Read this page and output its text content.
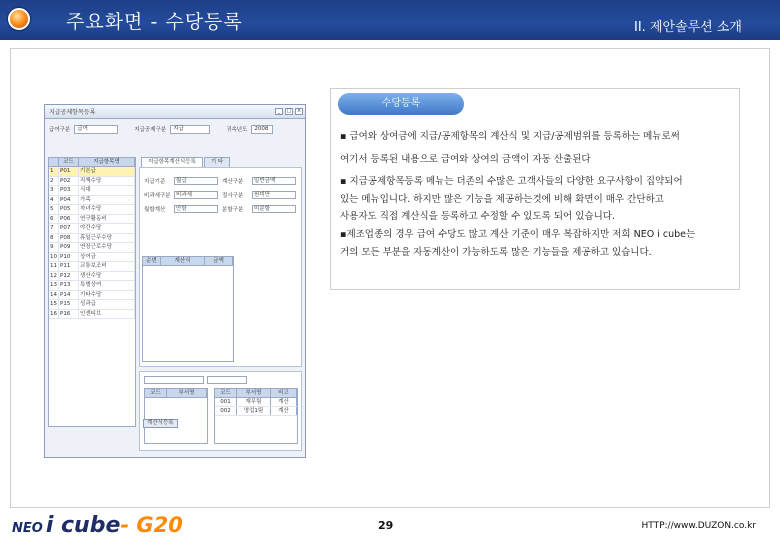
주요화면 - 수당등록	II. 제안솔루션 소개
지급공제항목등록	_	□	×
급여구분	급여	지급공제구분	지급	귀속년도	2008
코드	지급항목명
1	P01	기본급
2	P02	직책수당
3	P03	식대
4	P04	가족
5	P05	자녀수당
6	P06	연구활동비
7	P07	야간수당
8	P08	휴일근무수당
9	P09	연장근로수당
10 P10	상여금
11 P11	교통보조비
12 P12	생산수당
13 P13	특별상여
14 P14	기타수당
15 P15	성과급
16 P16	인센티브
지급항목계산식등록	기 타
지급기준	월급	계산구분	일반금액
비과세구분 비과세	절사구분	원미만
월할계산	안함	분할구분	미분할
순번	계산식	금액
코드	부서명	코드	부서명	비고
001	재무팀	계산
002	영업1팀	계산
계산식등록
수당등록
▪ 급여와 상여금에 지급/공제항목의 계산식 및 지급/공제범위를 등록하는 메뉴로써
여기서 등록된 내용으로 급여와 상여의 금액이 자동 산출된다
▪ 지급공제항목등록 메뉴는 더존의 수많은 고객사들의 다양한 요구사항이 집약되어
있는 메뉴입니다. 하지만 많은 기능을 제공하는것에 비해 화면이 매우 간단하고
사용자도 직접 계산식을 등록하고 수정할 수 있도록 되어 있습니다.
▪제조업종의 경우 급여 수당도 많고 계산 기준이 매우 복잡하지만 저희 NEO i cube는
거의 모든 부분을 자동계산이 가능하도록 많은 기능들을 제공하고 있습니다.
NEO i cube- G20	29	HTTP://www.DUZON.co.kr
